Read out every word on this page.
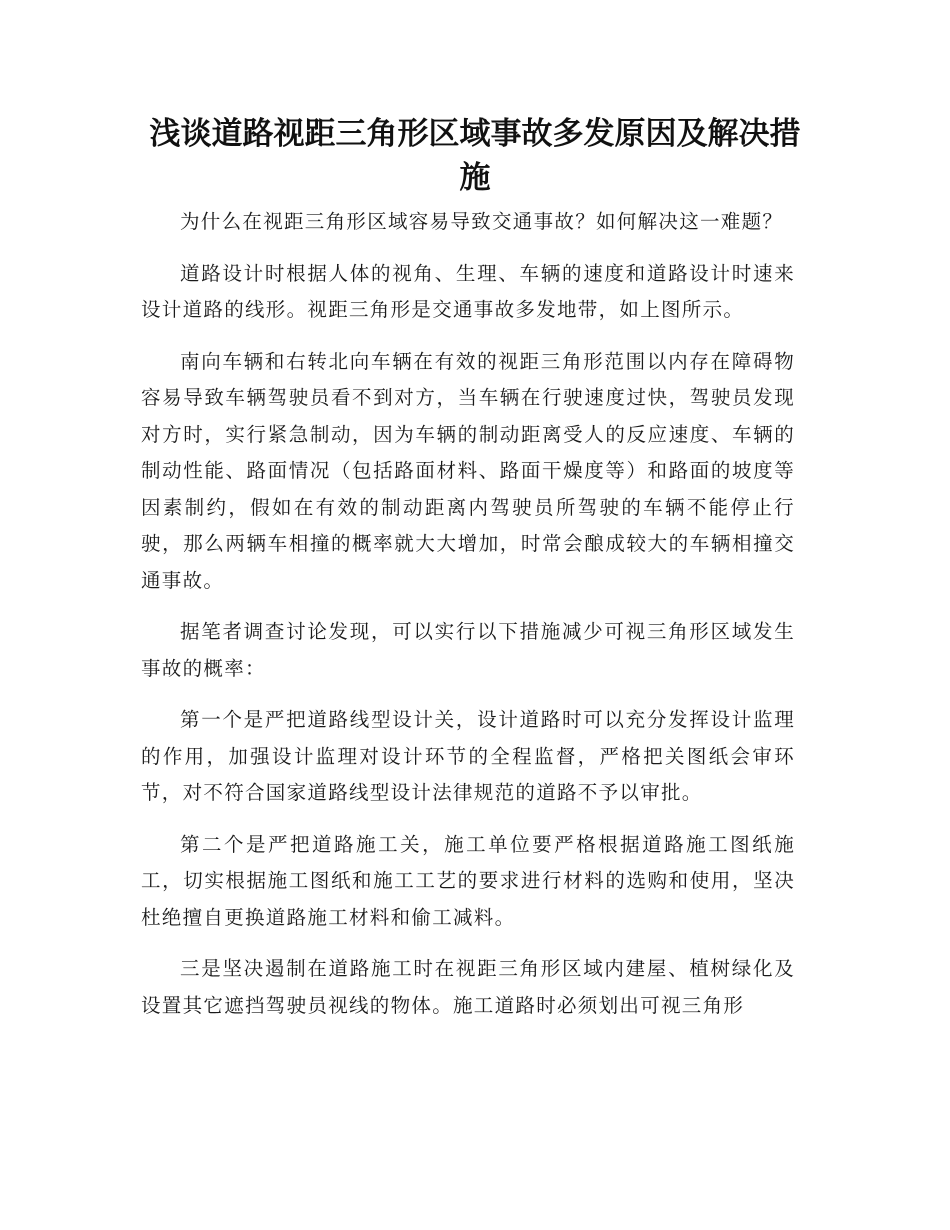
浅谈道路视距三角形区域事故多发原因及解决措施

为什么在视距三角形区域容易导致交通事故？如何解决这一难题？

道路设计时根据人体的视角、生理、车辆的速度和道路设计时速来设计道路的线形。视距三角形是交通事故多发地带，如上图所示。

南向车辆和右转北向车辆在有效的视距三角形范围以内存在障碍物容易导致车辆驾驶员看不到对方，当车辆在行驶速度过快，驾驶员发现对方时，实行紧急制动，因为车辆的制动距离受人的反应速度、车辆的制动性能、路面情况（包括路面材料、路面干燥度等）和路面的坡度等因素制约，假如在有效的制动距离内驾驶员所驾驶的车辆不能停止行驶，那么两辆车相撞的概率就大大增加，时常会酿成较大的车辆相撞交通事故。

据笔者调查讨论发现，可以实行以下措施减少可视三角形区域发生事故的概率：

第一个是严把道路线型设计关，设计道路时可以充分发挥设计监理的作用，加强设计监理对设计环节的全程监督，严格把关图纸会审环节，对不符合国家道路线型设计法律规范的道路不予以审批。

第二个是严把道路施工关，施工单位要严格根据道路施工图纸施工，切实根据施工图纸和施工工艺的要求进行材料的选购和使用，坚决杜绝擅自更换道路施工材料和偷工减料。

三是坚决遏制在道路施工时在视距三角形区域内建屋、植树绿化及设置其它遮挡驾驶员视线的物体。施工道路时必须划出可视三角形
